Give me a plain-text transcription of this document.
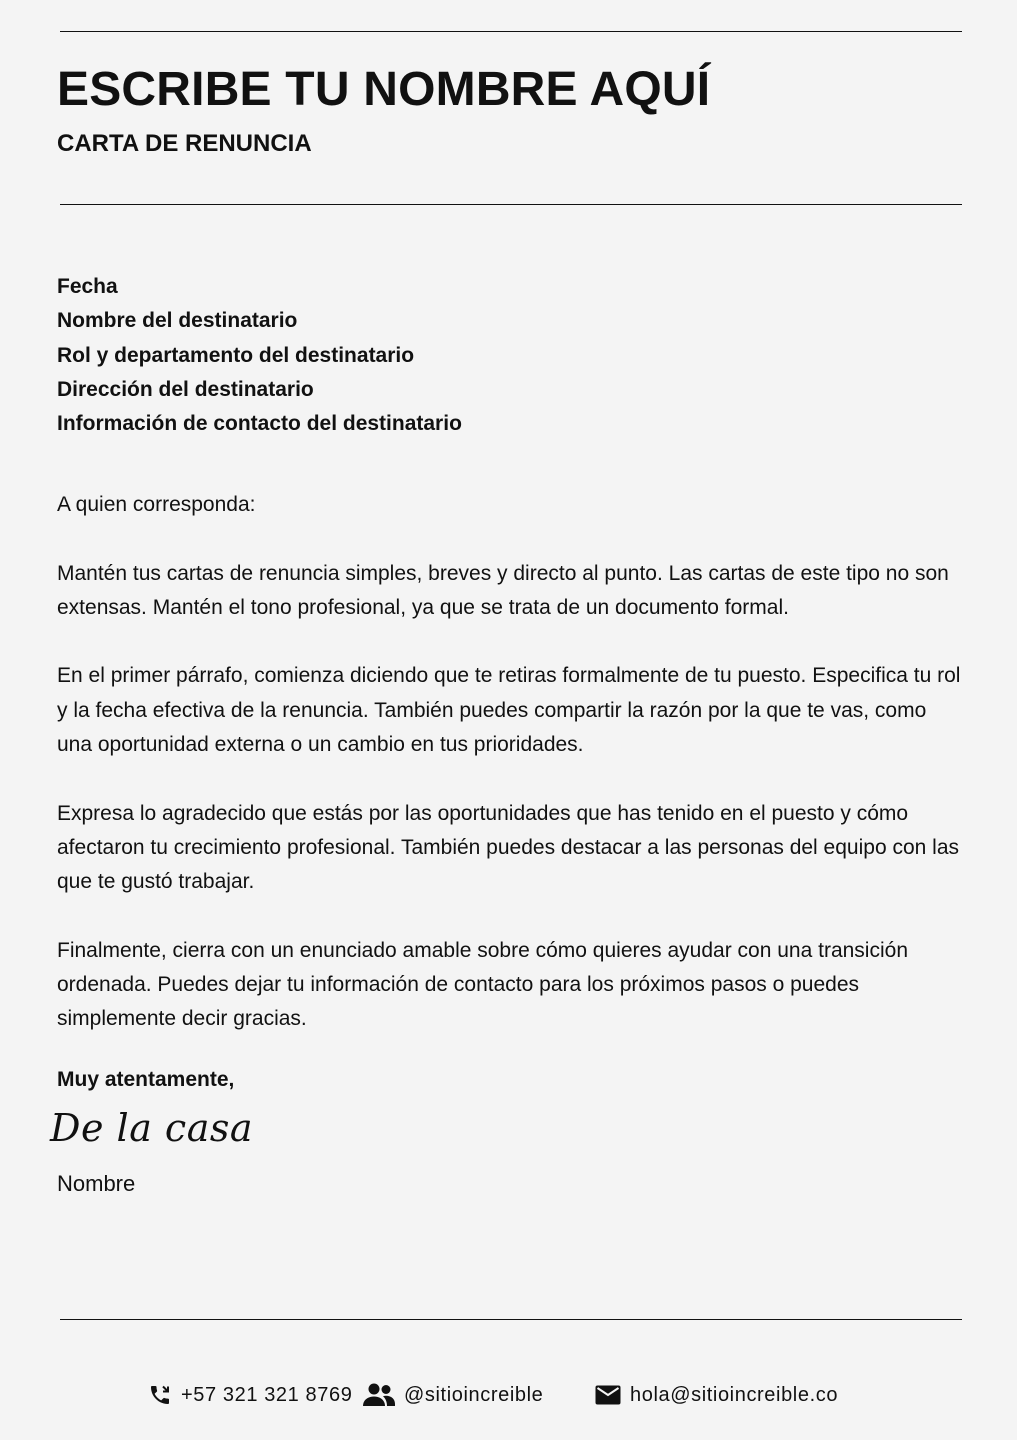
ESCRIBE TU NOMBRE AQUÍ
CARTA DE RENUNCIA
Fecha
Nombre del destinatario
Rol y departamento del destinatario
Dirección del destinatario
Información de contacto del destinatario

A quien corresponda:

Mantén tus cartas de renuncia simples, breves y directo al punto. Las cartas de este tipo no son extensas. Mantén el tono profesional, ya que se trata de un documento formal.

En el primer párrafo, comienza diciendo que te retiras formalmente de tu puesto. Especifica tu rol y la fecha efectiva de la renuncia. También puedes compartir la razón por la que te vas, como una oportunidad externa o un cambio en tus prioridades.

Expresa lo agradecido que estás por las oportunidades que has tenido en el puesto y cómo afectaron tu crecimiento profesional. También puedes destacar a las personas del equipo con las que te gustó trabajar.

Finalmente, cierra con un enunciado amable sobre cómo quieres ayudar con una transición ordenada. Puedes dejar tu información de contacto para los próximos pasos o puedes simplemente decir gracias.

Muy atentamente,

De la casa
Nombre
+57 321 321 8769	@sitioincreible	hola@sitioincreible.co
